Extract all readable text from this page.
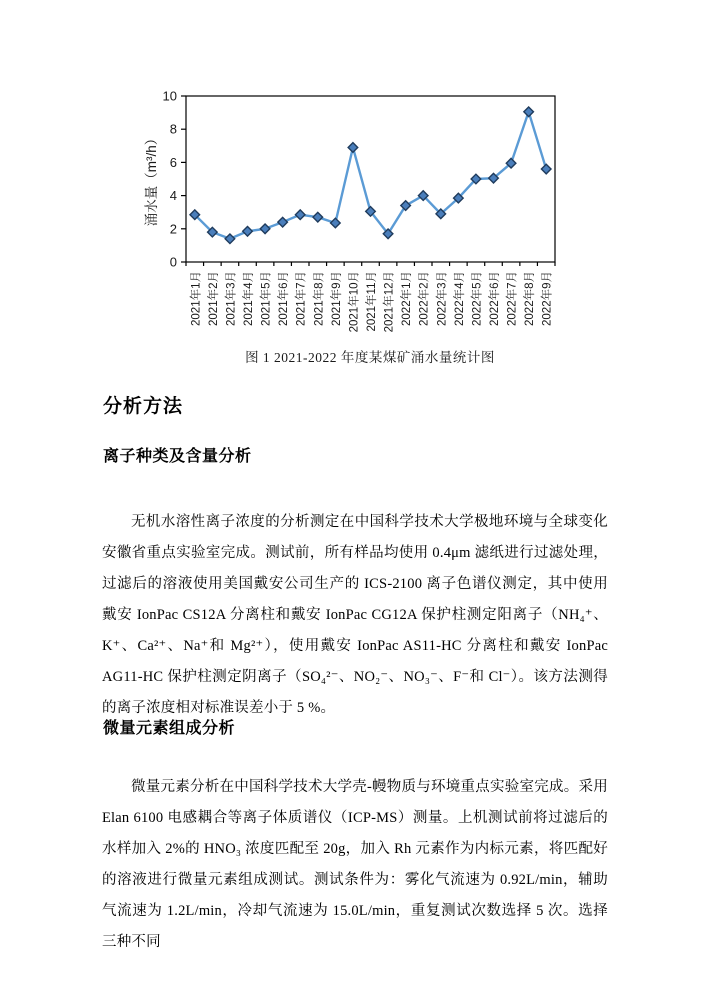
0
2
4
6
8
10
2021年1月 2021年2月 2021年3月 2021年4月 2021年5月 2021年6月 2021年7月 2021年8月 2021年9月 2021年10月 2021年11月 2021年12月 2022年1月 2022年2月 2022年3月 2022年4月 2022年5月 2022年6月 2022年7月 2022年8月 2022年9月
涌水量（m³/h）
图 1 2021-2022 年度某煤矿涌水量统计图
分析方法
离子种类及含量分析

无机水溶性离子浓度的分析测定在中国科学技术大学极地环境与全球变化安徽省重点实验室完成。测试前，所有样品均使用 0.4μm 滤纸进行过滤处理，过滤后的溶液使用美国戴安公司生产的 ICS-2100 离子色谱仪测定，其中使用戴安 IonPac CS12A 分离柱和戴安 IonPac CG12A 保护柱测定阳离子（NH₄⁺、K⁺、Ca²⁺、Na⁺和 Mg²⁺），使用戴安 IonPac AS11-HC 分离柱和戴安 IonPac AG11-HC 保护柱测定阴离子（SO₄²⁻、NO₂⁻、NO₃⁻、F⁻和 Cl⁻）。该方法测得的离子浓度相对标准误差小于 5 %。

微量元素组成分析

微量元素分析在中国科学技术大学壳-幔物质与环境重点实验室完成。采用 Elan 6100 电感耦合等离子体质谱仪（ICP-MS）测量。上机测试前将过滤后的水样加入 2%的 HNO₃ 浓度匹配至 20g，加入 Rh 元素作为内标元素，将匹配好的溶液进行微量元素组成测试。测试条件为：雾化气流速为 0.92L/min，辅助气流速为 1.2L/min，冷却气流速为 15.0L/min，重复测试次数选择 5 次。选择三种不同
